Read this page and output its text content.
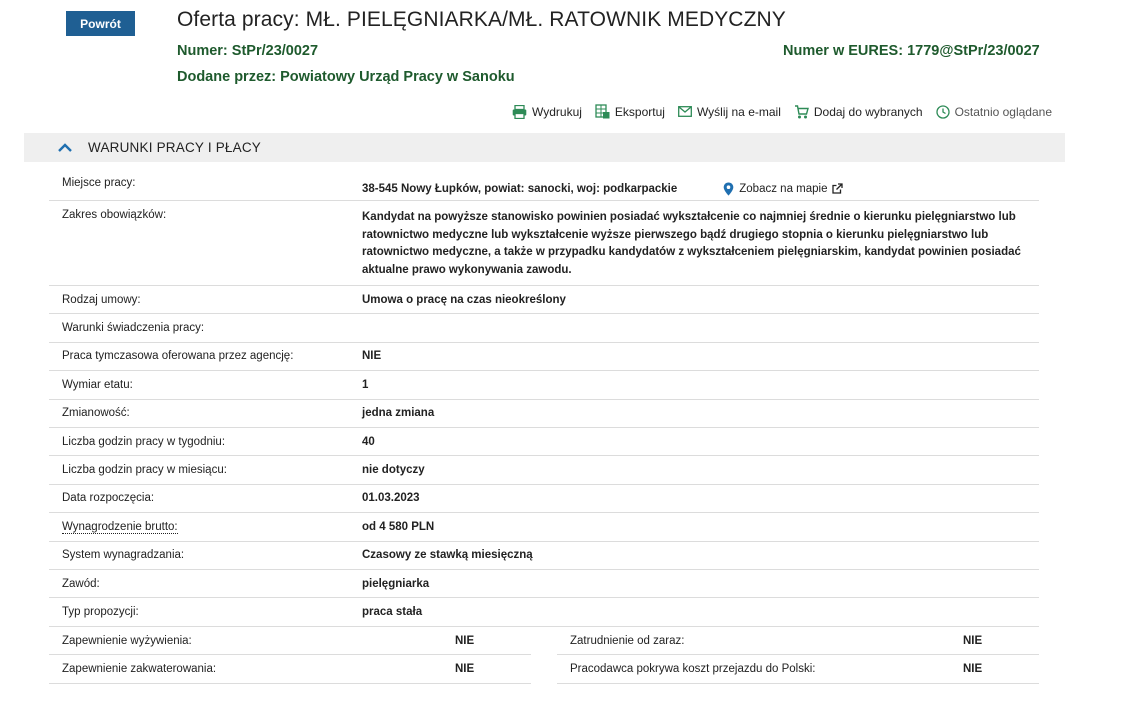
Powrót	Oferta pracy: MŁ. PIELĘGNIARKA/MŁ. RATOWNIK MEDYCZNY
Numer: StPr/23/0027	Numer w EURES: 1779@StPr/23/0027
Dodane przez: Powiatowy Urząd Pracy w Sanoku
Wydrukuj	Eksportuj	Wyślij na e-mail	Dodaj do wybranych	Ostatnio oglądane
WARUNKI PRACY I PŁACY
Miejsce pracy:	38-545 Nowy Łupków, powiat: sanocki, woj: podkarpackie	Zobacz na mapie
Zakres obowiązków:	Kandydat na powyższe stanowisko powinien posiadać wykształcenie co najmniej średnie o kierunku pielęgniarstwo lub ratownictwo medyczne lub wykształcenie wyższe pierwszego bądź drugiego stopnia o kierunku pielęgniarstwo lub ratownictwo medyczne, a także w przypadku kandydatów z wykształceniem pielęgniarskim, kandydat powinien posiadać aktualne prawo wykonywania zawodu.
Rodzaj umowy:	Umowa o pracę na czas nieokreślony
Warunki świadczenia pracy:
Praca tymczasowa oferowana przez agencję:	NIE
Wymiar etatu:	1
Zmianowość:	jedna zmiana
Liczba godzin pracy w tygodniu:	40
Liczba godzin pracy w miesiącu:	nie dotyczy
Data rozpoczęcia:	01.03.2023
Wynagrodzenie brutto:	od 4 580 PLN
System wynagradzania:	Czasowy ze stawką miesięczną
Zawód:	pielęgniarka
Typ propozycji:	praca stała
Zapewnienie wyżywienia:	NIE	Zatrudnienie od zaraz:	NIE
Zapewnienie zakwaterowania:	NIE	Pracodawca pokrywa koszt przejazdu do Polski:	NIE
